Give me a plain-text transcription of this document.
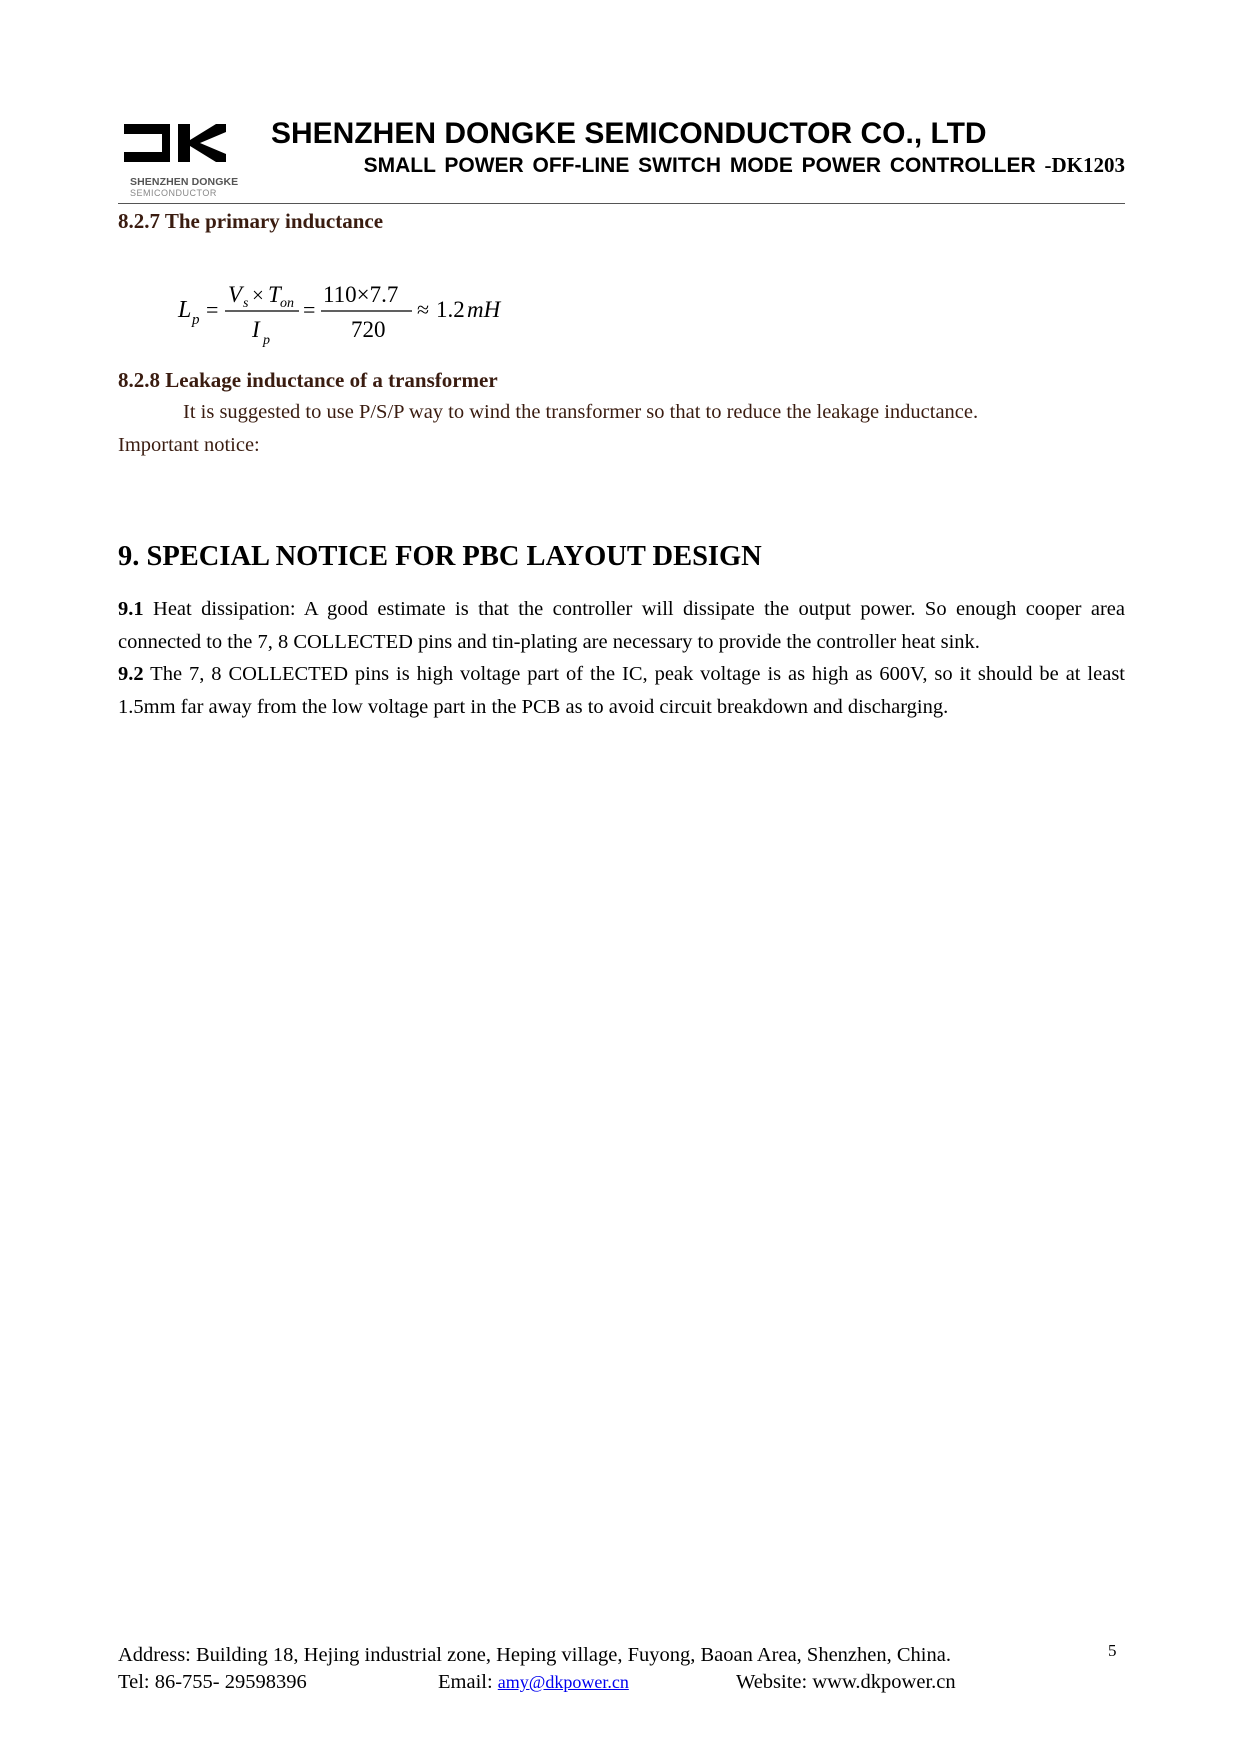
SHENZHEN DONGKE
SEMICONDUCTOR
SHENZHEN DONGKE SEMICONDUCTOR CO., LTD
SMALL POWER OFF-LINE SWITCH MODE POWER CONTROLLER -DK1203
8.2.7 The primary inductance
L p =
V s × T on
I p
=
110×7.7
720
≈ 1.2 mH
8.2.8 Leakage inductance of a transformer
It is suggested to use P/S/P way to wind the transformer so that to reduce the leakage inductance.
Important notice:
9. SPECIAL NOTICE FOR PBC LAYOUT DESIGN
9.1 Heat dissipation: A good estimate is that the controller will dissipate the output power. So enough cooper area connected to the 7, 8 COLLECTED pins and tin-plating are necessary to provide the controller heat sink.
9.2 The 7, 8 COLLECTED pins is high voltage part of the IC, peak voltage is as high as 600V, so it should be at least 1.5mm far away from the low voltage part in the PCB as to avoid circuit breakdown and discharging.
Address: Building 18, Hejing industrial zone, Heping village, Fuyong, Baoan Area, Shenzhen, China.
Tel: 86-755- 29598396	Email: amy@dkpower.cn	Website: www.dkpower.cn
5
